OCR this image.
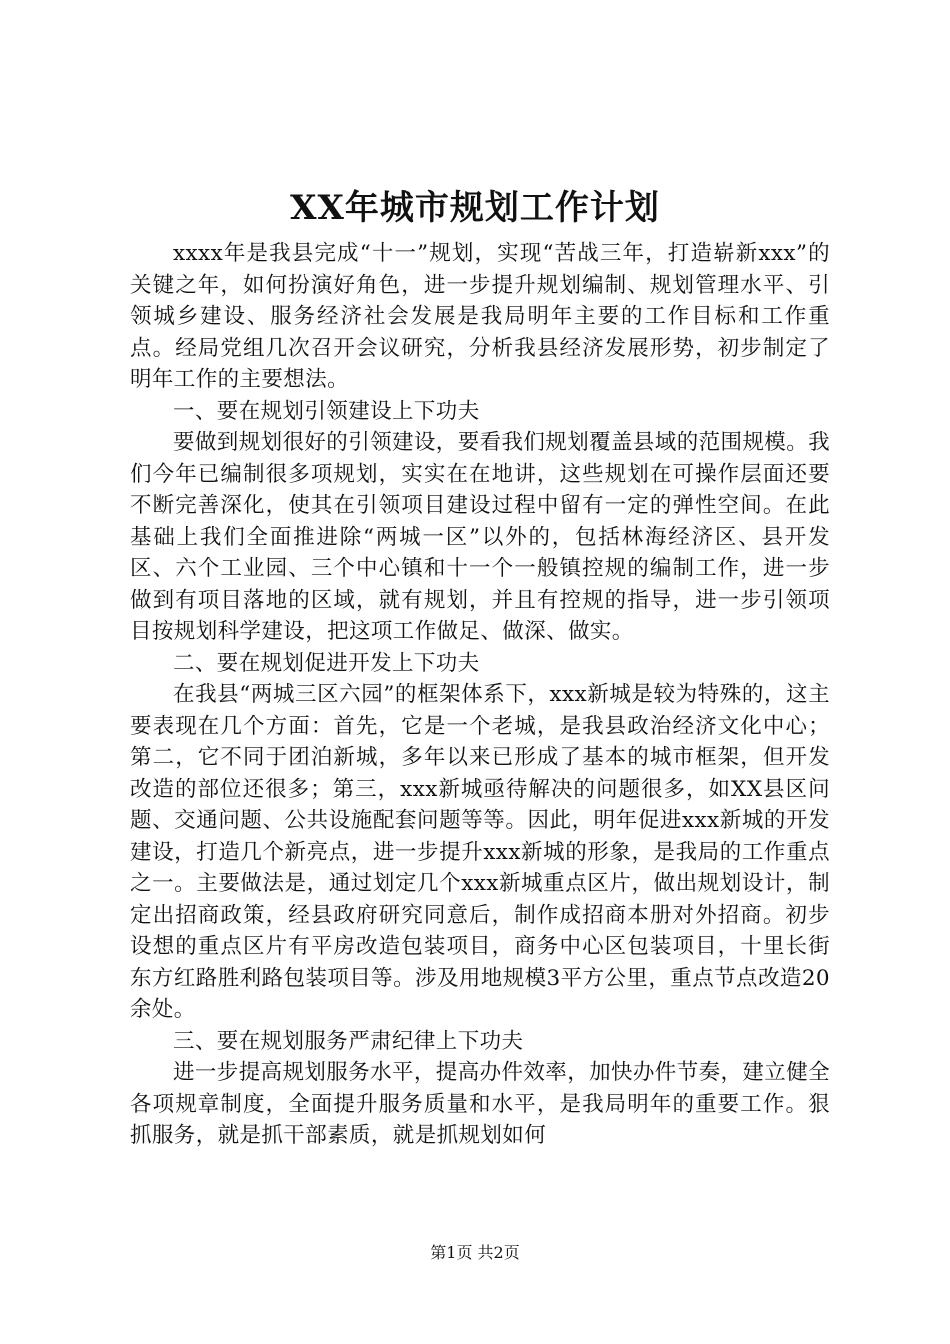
XX年城市规划工作计划

xxxx年是我县完成“十一”规划，实现“苦战三年，打造崭新xxx”的关键之年，如何扮演好角色，进一步提升规划编制、规划管理水平、引领城乡建设、服务经济社会发展是我局明年主要的工作目标和工作重点。经局党组几次召开会议研究，分析我县经济发展形势，初步制定了明年工作的主要想法。

一、要在规划引领建设上下功夫

要做到规划很好的引领建设，要看我们规划覆盖县域的范围规模。我们今年已编制很多项规划，实实在在地讲，这些规划在可操作层面还要不断完善深化，使其在引领项目建设过程中留有一定的弹性空间。在此基础上我们全面推进除“两城一区”以外的，包括林海经济区、县开发区、六个工业园、三个中心镇和十一个一般镇控规的编制工作，进一步做到有项目落地的区域，就有规划，并且有控规的指导，进一步引领项目按规划科学建设，把这项工作做足、做深、做实。

二、要在规划促进开发上下功夫

在我县“两城三区六园”的框架体系下，xxx新城是较为特殊的，这主要表现在几个方面：首先，它是一个老城，是我县政治经济文化中心；第二，它不同于团泊新城，多年以来已形成了基本的城市框架，但开发改造的部位还很多；第三，xxx新城亟待解决的问题很多，如XX县区问题、交通问题、公共设施配套问题等等。因此，明年促进xxx新城的开发建设，打造几个新亮点，进一步提升xxx新城的形象，是我局的工作重点之一。主要做法是，通过划定几个xxx新城重点区片，做出规划设计，制定出招商政策，经县政府研究同意后，制作成招商本册对外招商。初步设想的重点区片有平房改造包装项目，商务中心区包装项目，十里长街东方红路胜利路包装项目等。涉及用地规模3平方公里，重点节点改造20余处。

三、要在规划服务严肃纪律上下功夫

进一步提高规划服务水平，提高办件效率，加快办件节奏，建立健全各项规章制度，全面提升服务质量和水平，是我局明年的重要工作。狠抓服务，就是抓干部素质，就是抓规划如何

第1页 共2页
